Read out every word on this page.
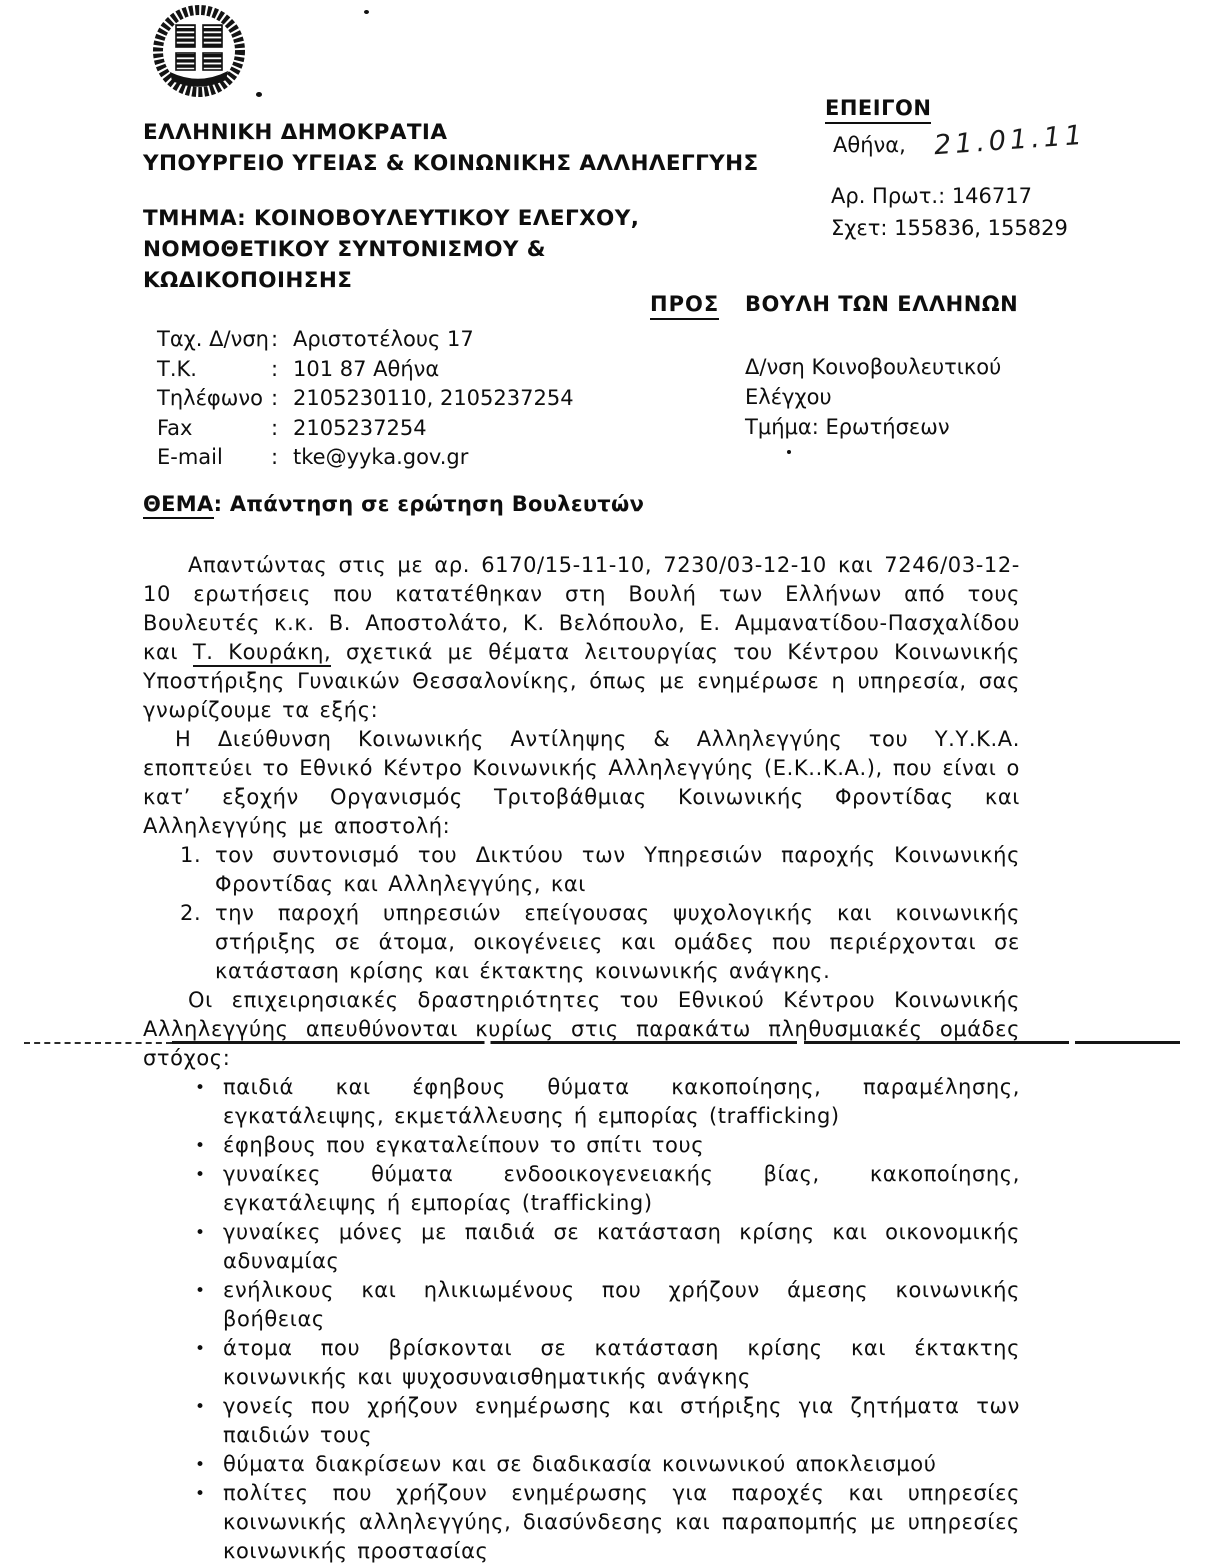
ΕΛΛΗΝΙΚΗ ΔΗΜΟΚΡΑΤΙΑ
ΥΠΟΥΡΓΕΙΟ ΥΓΕΙΑΣ & ΚΟΙΝΩΝΙΚΗΣ ΑΛΛΗΛΕΓΓΥΗΣ
ΤΜΗΜΑ: ΚΟΙΝΟΒΟΥΛΕΥΤΙΚΟΥ ΕΛΕΓΧΟΥ,
ΝΟΜΟΘΕΤΙΚΟΥ ΣΥΝΤΟΝΙΣΜΟΥ &
ΚΩΔΙΚΟΠΟΙΗΣΗΣ
ΕΠΕΙΓΟΝ
Αθήνα, 21.01.11
Αρ. Πρωτ.: 146717
Σχετ: 155836, 155829
ΠΡΟΣ ΒΟΥΛΗ ΤΩΝ ΕΛΛΗΝΩΝ
Δ/νση Κοινοβουλευτικού
Ελέγχου
Τμήμα: Ερωτήσεων
Ταχ. Δ/νση : Αριστοτέλους 17
Τ.Κ.	: 101 87 Αθήνα
Τηλέφωνο : 2105230110, 2105237254
Fax	: 2105237254
E-mail	: tke@yyka.gov.gr
ΘΕΜΑ: Απάντηση σε ερώτηση Βουλευτών
Απαντώντας στις με αρ. 6170/15-11-10, 7230/03-12-10 και 7246/03-12-10 ερωτήσεις που κατατέθηκαν στη Βουλή των Ελλήνων από τους Βουλευτές κ.κ. Β. Αποστολάτο, Κ. Βελόπουλο, Ε. Αμμανατίδου-Πασχαλίδου και Τ. Κουράκη, σχετικά με θέματα λειτουργίας του Κέντρου Κοινωνικής Υποστήριξης Γυναικών Θεσσαλονίκης, όπως με ενημέρωσε η υπηρεσία, σας γνωρίζουμε τα εξής:
Η Διεύθυνση Κοινωνικής Αντίληψης & Αλληλεγγύης του Υ.Υ.Κ.Α. εποπτεύει το Εθνικό Κέντρο Κοινωνικής Αλληλεγγύης (Ε.Κ..Κ.Α.), που είναι ο κατ’ εξοχήν Οργανισμός Τριτοβάθμιας Κοινωνικής Φροντίδας και Αλληλεγγύης με αποστολή:
1. τον συντονισμό του Δικτύου των Υπηρεσιών παροχής Κοινωνικής Φροντίδας και Αλληλεγγύης, και
2. την παροχή υπηρεσιών επείγουσας ψυχολογικής και κοινωνικής στήριξης σε άτομα, οικογένειες και ομάδες που περιέρχονται σε κατάσταση κρίσης και έκτακτης κοινωνικής ανάγκης.
Οι επιχειρησιακές δραστηριότητες του Εθνικού Κέντρου Κοινωνικής Αλληλεγγύης απευθύνονται κυρίως στις παρακάτω πληθυσμιακές ομάδες στόχος:
• παιδιά και έφηβους θύματα κακοποίησης, παραμέλησης, εγκατάλειψης, εκμετάλλευσης ή εμπορίας (trafficking)
• έφηβους που εγκαταλείπουν το σπίτι τους
• γυναίκες θύματα ενδοοικογενειακής βίας, κακοποίησης, εγκατάλειψης ή εμπορίας (trafficking)
• γυναίκες μόνες με παιδιά σε κατάσταση κρίσης και οικονομικής αδυναμίας
• ενήλικους και ηλικιωμένους που χρήζουν άμεσης κοινωνικής βοήθειας
• άτομα που βρίσκονται σε κατάσταση κρίσης και έκτακτης κοινωνικής και ψυχοσυναισθηματικής ανάγκης
• γονείς που χρήζουν ενημέρωσης και στήριξης για ζητήματα των παιδιών τους
• θύματα διακρίσεων και σε διαδικασία κοινωνικού αποκλεισμού
• πολίτες που χρήζουν ενημέρωσης για παροχές και υπηρεσίες κοινωνικής αλληλεγγύης, διασύνδεσης και παραπομπής με υπηρεσίες κοινωνικής προστασίας
